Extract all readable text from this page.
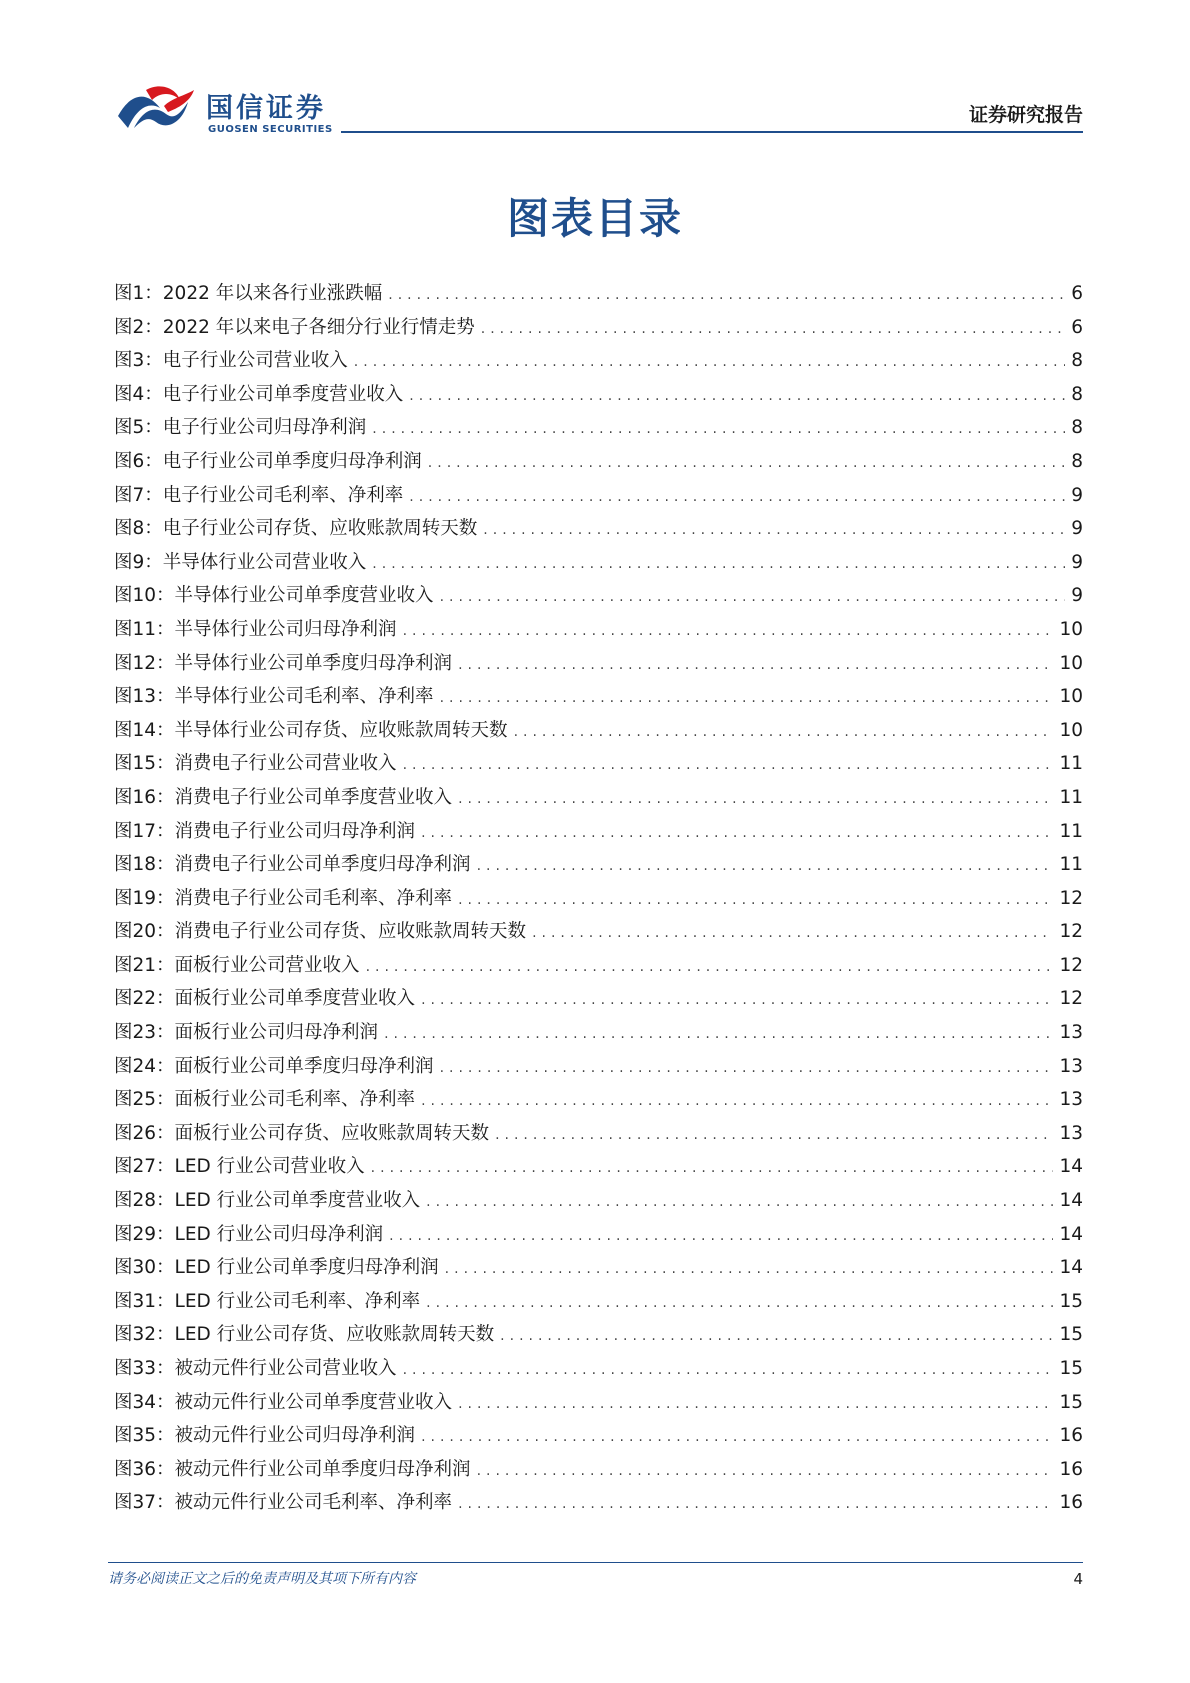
国信证券
GUOSEN SECURITIES
证券研究报告
图表目录
图1： 2022 年以来各行业涨跌幅 .....	6
图2： 2022 年以来电子各细分行业行情走势 .....	6
图3： 电子行业公司营业收入 .....	8
图4： 电子行业公司单季度营业收入 .....	8
图5： 电子行业公司归母净利润 .....	8
图6： 电子行业公司单季度归母净利润 .....	8
图7： 电子行业公司毛利率、净利率 .....	9
图8： 电子行业公司存货、应收账款周转天数 .....	9
图9： 半导体行业公司营业收入 .....	9
图10： 半导体行业公司单季度营业收入 .....	9
图11： 半导体行业公司归母净利润 .....	10
图12： 半导体行业公司单季度归母净利润 .....	10
图13： 半导体行业公司毛利率、净利率 .....	10
图14： 半导体行业公司存货、应收账款周转天数 .....	10
图15： 消费电子行业公司营业收入 .....	11
图16： 消费电子行业公司单季度营业收入 .....	11
图17： 消费电子行业公司归母净利润 .....	11
图18： 消费电子行业公司单季度归母净利润 .....	11
图19： 消费电子行业公司毛利率、净利率 .....	12
图20： 消费电子行业公司存货、应收账款周转天数 .....	12
图21： 面板行业公司营业收入 .....	12
图22： 面板行业公司单季度营业收入 .....	12
图23： 面板行业公司归母净利润 .....	13
图24： 面板行业公司单季度归母净利润 .....	13
图25： 面板行业公司毛利率、净利率 .....	13
图26： 面板行业公司存货、应收账款周转天数 .....	13
图27： LED 行业公司营业收入 .....	14
图28： LED 行业公司单季度营业收入 .....	14
图29： LED 行业公司归母净利润 .....	14
图30： LED 行业公司单季度归母净利润 .....	14
图31： LED 行业公司毛利率、净利率 .....	15
图32： LED 行业公司存货、应收账款周转天数 .....	15
图33： 被动元件行业公司营业收入 .....	15
图34： 被动元件行业公司单季度营业收入 .....	15
图35： 被动元件行业公司归母净利润 .....	16
图36： 被动元件行业公司单季度归母净利润 .....	16
图37： 被动元件行业公司毛利率、净利率 .....	16
请务必阅读正文之后的免责声明及其项下所有内容	4
